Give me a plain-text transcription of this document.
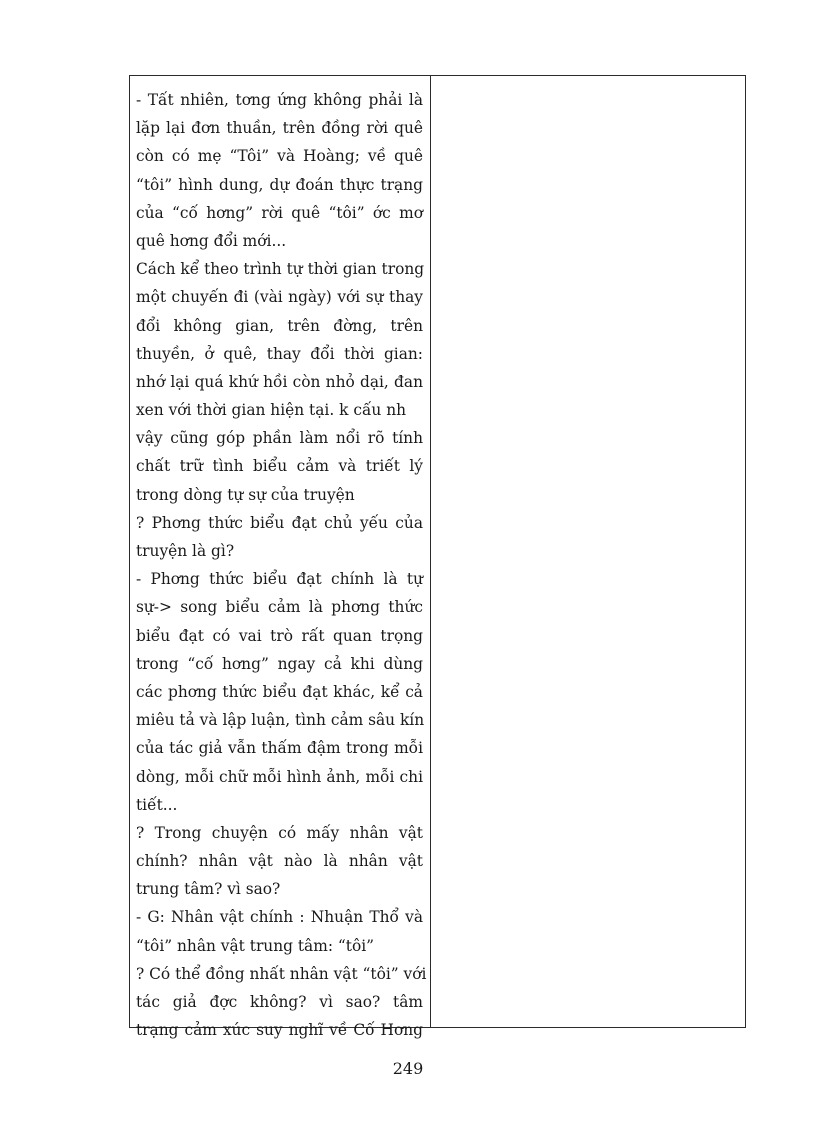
- Tất nhiên, tơng ứng không phải là
lặp lại đơn thuần, trên đồng rời quê
còn có mẹ “Tôi” và Hoàng; về quê
“tôi” hình dung, dự đoán thực trạng
của “cố hơng” rời quê “tôi” ớc mơ
quê hơng đổi mới...
Cách kể theo trình tự thời gian trong
một chuyến đi (vài ngày) với sự thay
đổi không gian, trên đờng, trên
thuyền, ở quê, thay đổi thời gian:
nhớ lại quá khứ hồi còn nhỏ dại, đan
xen với thời gian hiện tại. k cấu nh
vậy cũng góp phần làm nổi rõ tính
chất trữ tình biểu cảm và triết lý
trong dòng tự sự của truyện
? Phơng thức biểu đạt chủ yếu của
truyện là gì?
- Phơng thức biểu đạt chính là tự
sự-> song biểu cảm là phơng thức
biểu đạt có vai trò rất quan trọng
trong “cố hơng” ngay cả khi dùng
các phơng thức biểu đạt khác, kể cả
miêu tả và lập luận, tình cảm sâu kín
của tác giả vẫn thấm đậm trong mỗi
dòng, mỗi chữ mỗi hình ảnh, mỗi chi
tiết...
? Trong chuyện có mấy nhân vật
chính? nhân vật nào là nhân vật
trung tâm? vì sao?
- G: Nhân vật chính : Nhuận Thổ và
“tôi” nhân vật trung tâm: “tôi”
? Có thể đồng nhất nhân vật “tôi” với
tác giả đợc không? vì sao? tâm
trạng cảm xúc suy nghĩ về Cố Hơng
249
